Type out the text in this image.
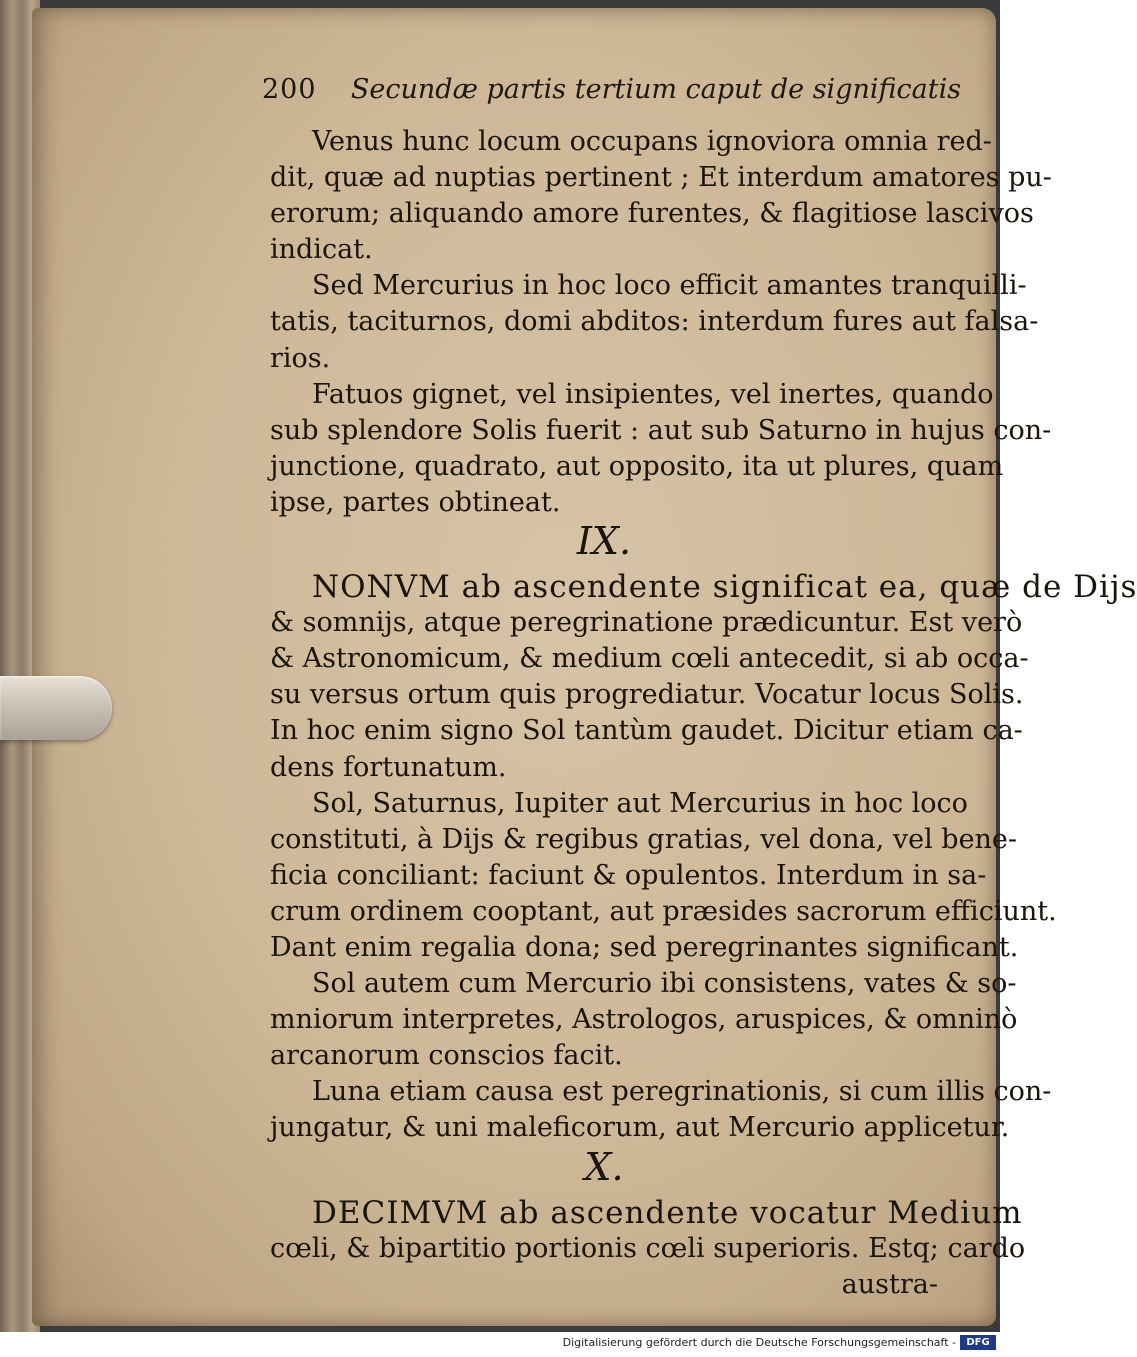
200 Secundæ partis tertium caput de significatis
Venus hunc locum occupans ignoviora omnia red-
dit, quæ ad nuptias pertinent ; Et interdum amatores pu-
erorum; aliquando amore furentes, & flagitiose lascivos
indicat.
Sed Mercurius in hoc loco efficit amantes tranquilli-
tatis, taciturnos, domi abditos: interdum fures aut falsa-
rios.
Fatuos gignet, vel insipientes, vel inertes, quando
sub splendore Solis fuerit : aut sub Saturno in hujus con-
junctione, quadrato, aut opposito, ita ut plures, quam
ipse, partes obtineat.
IX.
NONVM ab ascendente significat ea, quæ de Dijs
& somnijs, atque peregrinatione prædicuntur. Est verò
& Astronomicum, & medium cœli antecedit, si ab occa-
su versus ortum quis progrediatur. Vocatur locus Solis.
In hoc enim signo Sol tantùm gaudet. Dicitur etiam ca-
dens fortunatum.
Sol, Saturnus, Iupiter aut Mercurius in hoc loco
constituti, à Dijs & regibus gratias, vel dona, vel bene-
ficia conciliant: faciunt & opulentos. Interdum in sa-
crum ordinem cooptant, aut præsides sacrorum efficiunt.
Dant enim regalia dona; sed peregrinantes significant.
Sol autem cum Mercurio ibi consistens, vates & so-
mniorum interpretes, Astrologos, aruspices, & omninò
arcanorum conscios facit.
Luna etiam causa est peregrinationis, si cum illis con-
jungatur, & uni maleficorum, aut Mercurio applicetur.
X.
DECIMVM ab ascendente vocatur Medium
cœli, & bipartitio portionis cœli superioris. Estq; cardo
austra-
Digitalisierung gefördert durch die Deutsche Forschungsgemeinschaft -	DFG
